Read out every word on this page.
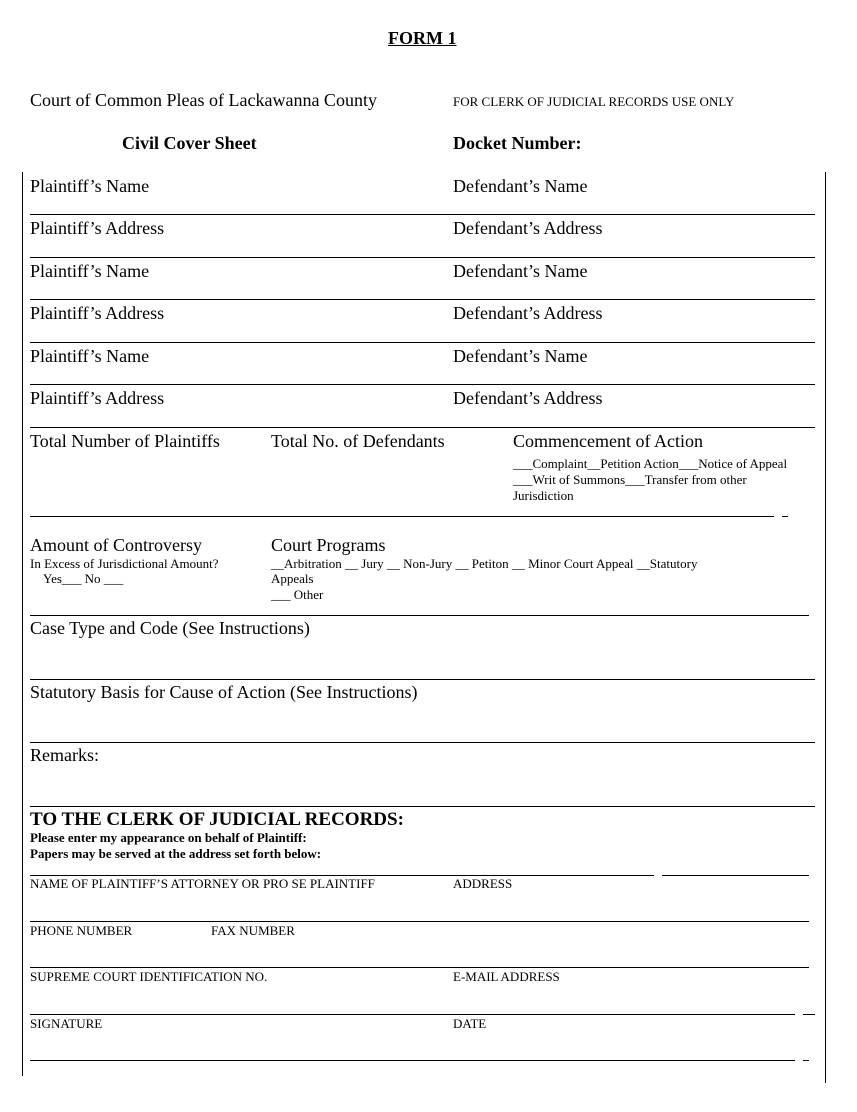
FORM 1
Court of Common Pleas of Lackawanna County	FOR CLERK OF JUDICIAL RECORDS USE ONLY
Civil Cover Sheet	Docket Number:
Plaintiff’s Name	Defendant’s Name
Plaintiff’s Address	Defendant’s Address
Plaintiff’s Name	Defendant’s Name
Plaintiff’s Address	Defendant’s Address
Plaintiff’s Name	Defendant’s Name
Plaintiff’s Address	Defendant’s Address
Total Number of Plaintiffs	Total No. of Defendants	Commencement of Action
___Complaint__Petition Action___Notice of Appeal
___Writ of Summons___Transfer from other
Jurisdiction
Amount of Controversy
In Excess of Jurisdictional Amount?
Yes___ No ___
Court Programs
__Arbitration __ Jury __ Non-Jury __ Petiton __ Minor Court Appeal __Statutory
Appeals
___ Other
Case Type and Code (See Instructions)
Statutory Basis for Cause of Action (See Instructions)
Remarks:
TO THE CLERK OF JUDICIAL RECORDS:
Please enter my appearance on behalf of Plaintiff:
Papers may be served at the address set forth below:
NAME OF PLAINTIFF’S ATTORNEY OR PRO SE PLAINTIFF	ADDRESS
PHONE NUMBER	FAX NUMBER
SUPREME COURT IDENTIFICATION NO.	E-MAIL ADDRESS
SIGNATURE	DATE
